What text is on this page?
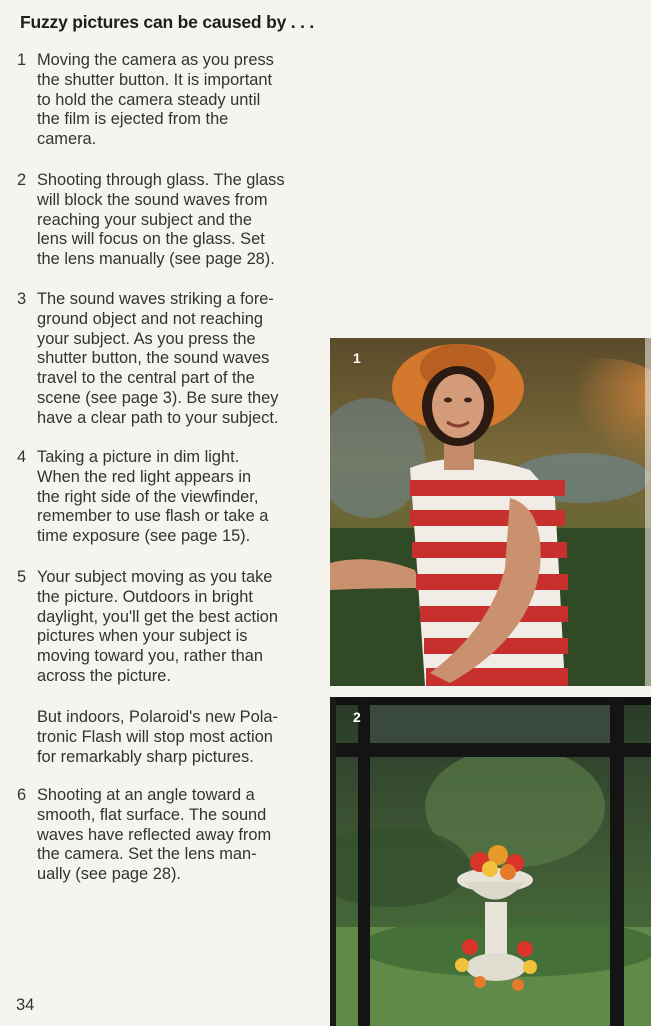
Fuzzy pictures can be caused by . . .
1 Moving the camera as you press
the shutter button. It is important
to hold the camera steady until
the film is ejected from the
camera.
2 Shooting through glass. The glass
will block the sound waves from
reaching your subject and the
lens will focus on the glass. Set
the lens manually (see page 28).
3 The sound waves striking a fore-
ground object and not reaching
your subject. As you press the
shutter button, the sound waves
travel to the central part of the
scene (see page 3). Be sure they
have a clear path to your subject.
4 Taking a picture in dim light.
When the red light appears in
the right side of the viewfinder,
remember to use flash or take a
time exposure (see page 15).
5 Your subject moving as you take
the picture. Outdoors in bright
daylight, you'll get the best action
pictures when your subject is
moving toward you, rather than
across the picture.
But indoors, Polaroid's new Pola-
tronic Flash will stop most action
for remarkably sharp pictures.
6 Shooting at an angle toward a
smooth, flat surface. The sound
waves have reflected away from
the camera. Set the lens man-
ually (see page 28).
34
1
2
